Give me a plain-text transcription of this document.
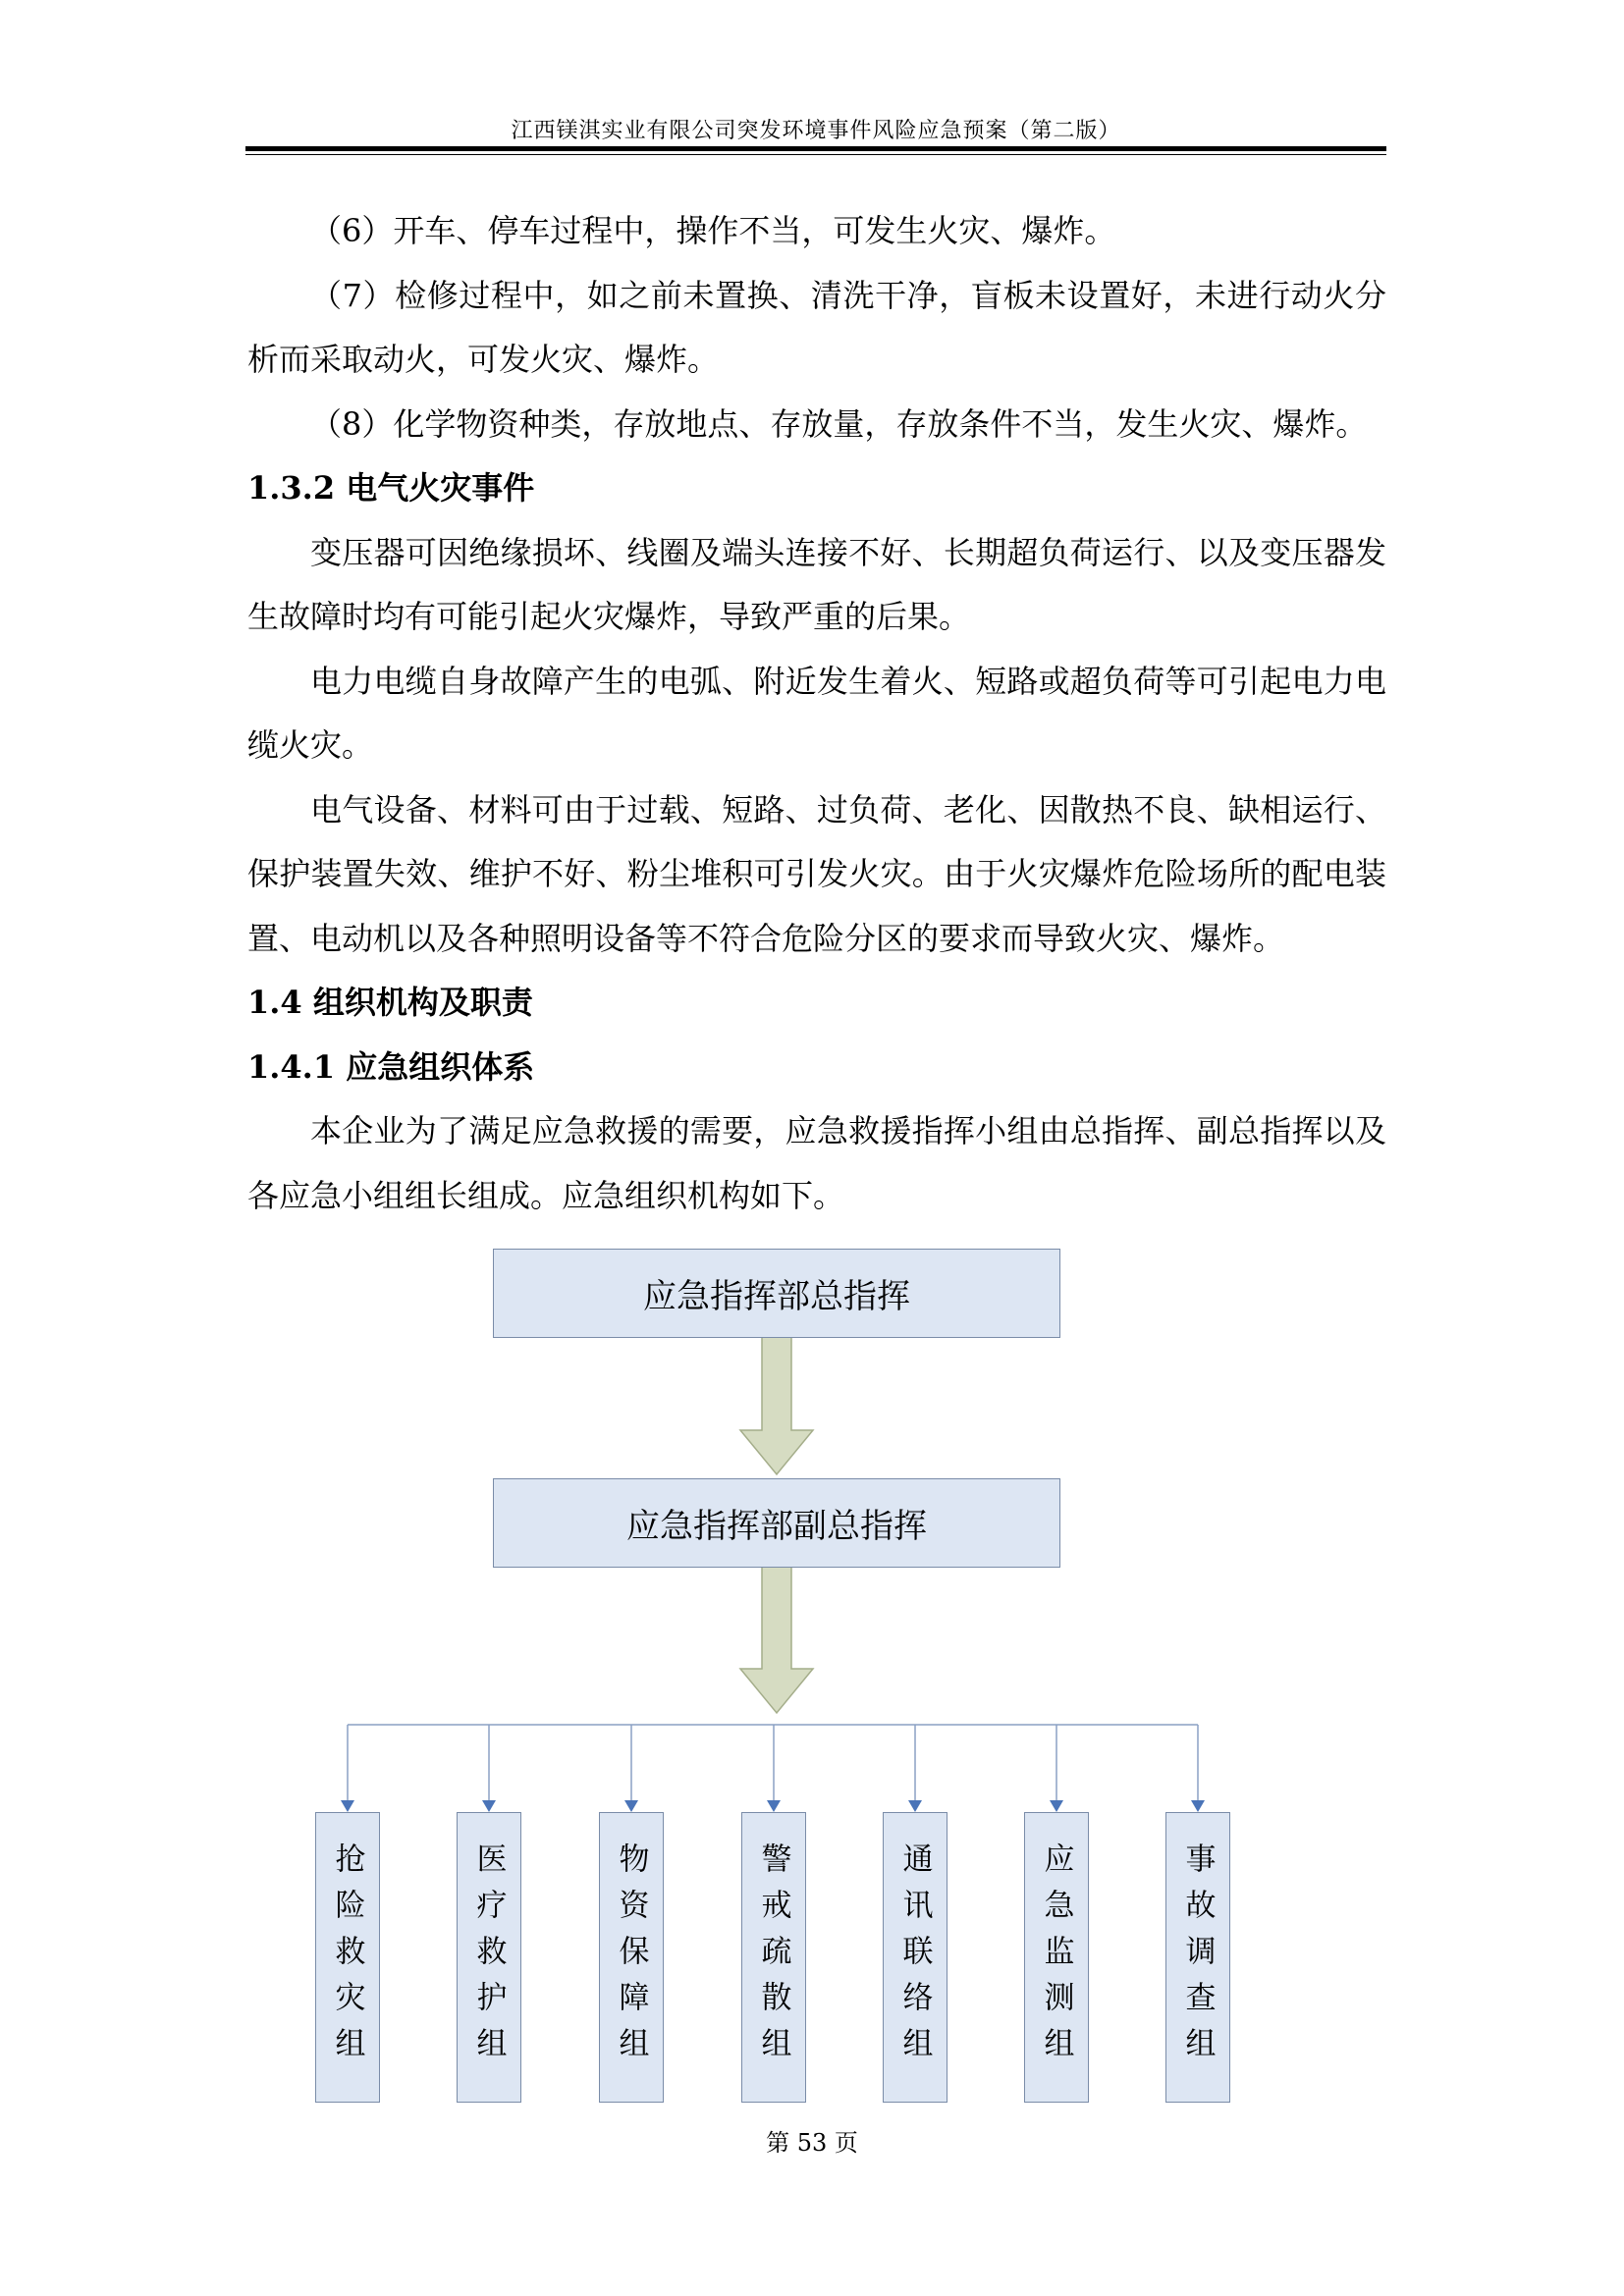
江西镁淇实业有限公司突发环境事件风险应急预案（第二版）

（6）开车、停车过程中，操作不当，可发生火灾、爆炸。

（7）检修过程中，如之前未置换、清洗干净，盲板未设置好，未进行动火分析而采取动火，可发火灾、爆炸。

（8）化学物资种类，存放地点、存放量，存放条件不当，发生火灾、爆炸。

1.3.2 电气火灾事件

变压器可因绝缘损坏、线圈及端头连接不好、长期超负荷运行、以及变压器发生故障时均有可能引起火灾爆炸，导致严重的后果。

电力电缆自身故障产生的电弧、附近发生着火、短路或超负荷等可引起电力电缆火灾。

电气设备、材料可由于过载、短路、过负荷、老化、因散热不良、缺相运行、保护装置失效、维护不好、粉尘堆积可引发火灾。由于火灾爆炸危险场所的配电装置、电动机以及各种照明设备等不符合危险分区的要求而导致火灾、爆炸。

1.4 组织机构及职责
1.4.1 应急组织体系

本企业为了满足应急救援的需要，应急救援指挥小组由总指挥、副总指挥以及各应急小组组长组成。应急组织机构如下。

应急指挥部总指挥
应急指挥部副总指挥
抢险救灾组	医疗救护组	物资保障组	警戒疏散组	通讯联络组	应急监测组	事故调查组
第 53 页
